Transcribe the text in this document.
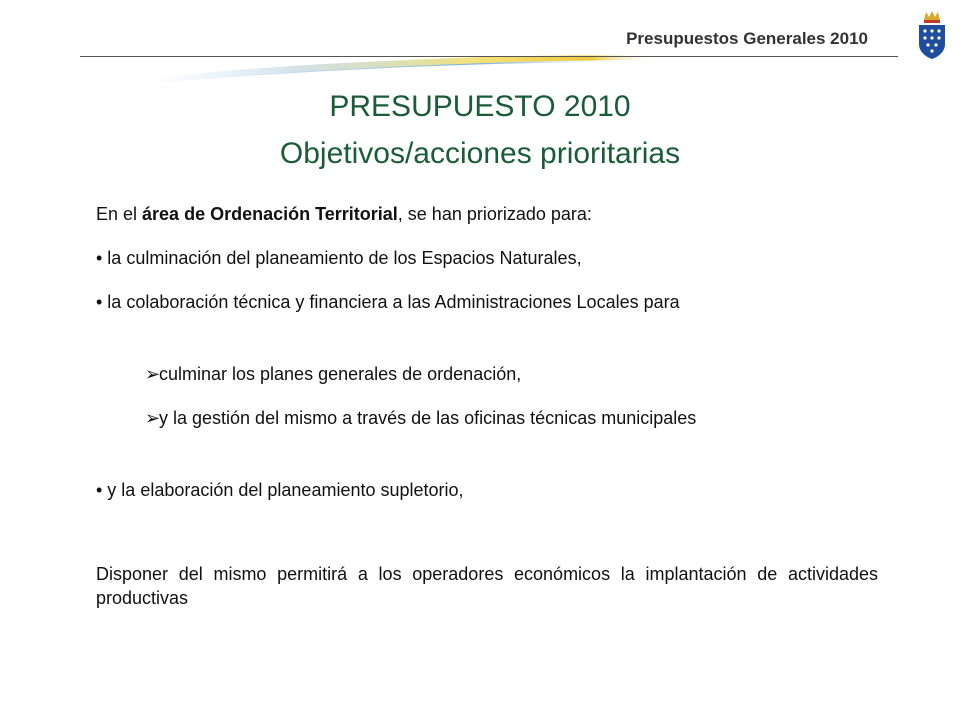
Presupuestos Generales 2010
PRESUPUESTO 2010
Objetivos/acciones prioritarias
En el área de Ordenación Territorial, se han priorizado para:
• la culminación del planeamiento de los Espacios Naturales,
• la colaboración técnica y financiera a las Administraciones Locales para
➢culminar los planes generales de ordenación,
➢y la gestión del mismo a través de las oficinas técnicas municipales
• y la elaboración del planeamiento supletorio,
Disponer del mismo permitirá a los operadores económicos la implantación de actividades productivas
